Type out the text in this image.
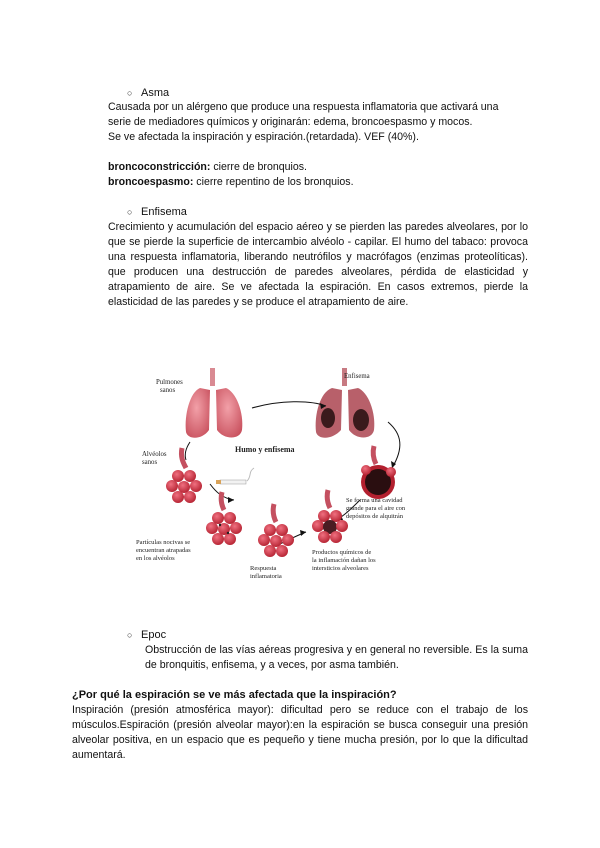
○ Asma

Causada por un alérgeno que produce una respuesta inflamatoria que activará una

serie de mediadores químicos y originarán: edema, broncoespasmo y mocos.

Se ve afectada la inspiración y espiración.(retardada). VEF (40%).

broncoconstricción: cierre de bronquios.

broncoespasmo: cierre repentino de los bronquios.

○ Enfisema

Crecimiento y acumulación del espacio aéreo y se pierden las paredes alveolares, por lo que se pierde la superficie de intercambio alvéolo - capilar. El humo del tabaco: provoca una respuesta inflamatoria, liberando neutrófilos y macrófagos (enzimas proteolíticas). que producen una destrucción de paredes alveolares, pérdida de elasticidad y atrapamiento de aire. Se ve afectada la espiración. En casos extremos, pierde la elasticidad de las paredes y se produce el atrapamiento de aire.

Humo y enfisema
Pulmones
sanos
Enfisema
Alvéolos
sanos
Partículas nocivas se
encuentran atrapadas
en los alvéolos
Respuesta
inflamatoria
Productos químicos de
la inflamación dañan los
intersticios alveolares
Se forma una cavidad
grande para el aire con
depósitos de alquitrán
○ Epoc

Obstrucción de las vías aéreas progresiva y en general no reversible. Es la suma de bronquitis, enfisema, y a veces, por asma también.

¿Por qué la espiración se ve más afectada que la inspiración?

Inspiración (presión atmosférica mayor): dificultad pero se reduce con el trabajo de los músculos.Espiración (presión alveolar mayor):en la espiración se busca conseguir una presión alveolar positiva, en un espacio que es pequeño y tiene mucha presión, por lo que la dificultad aumentará.
